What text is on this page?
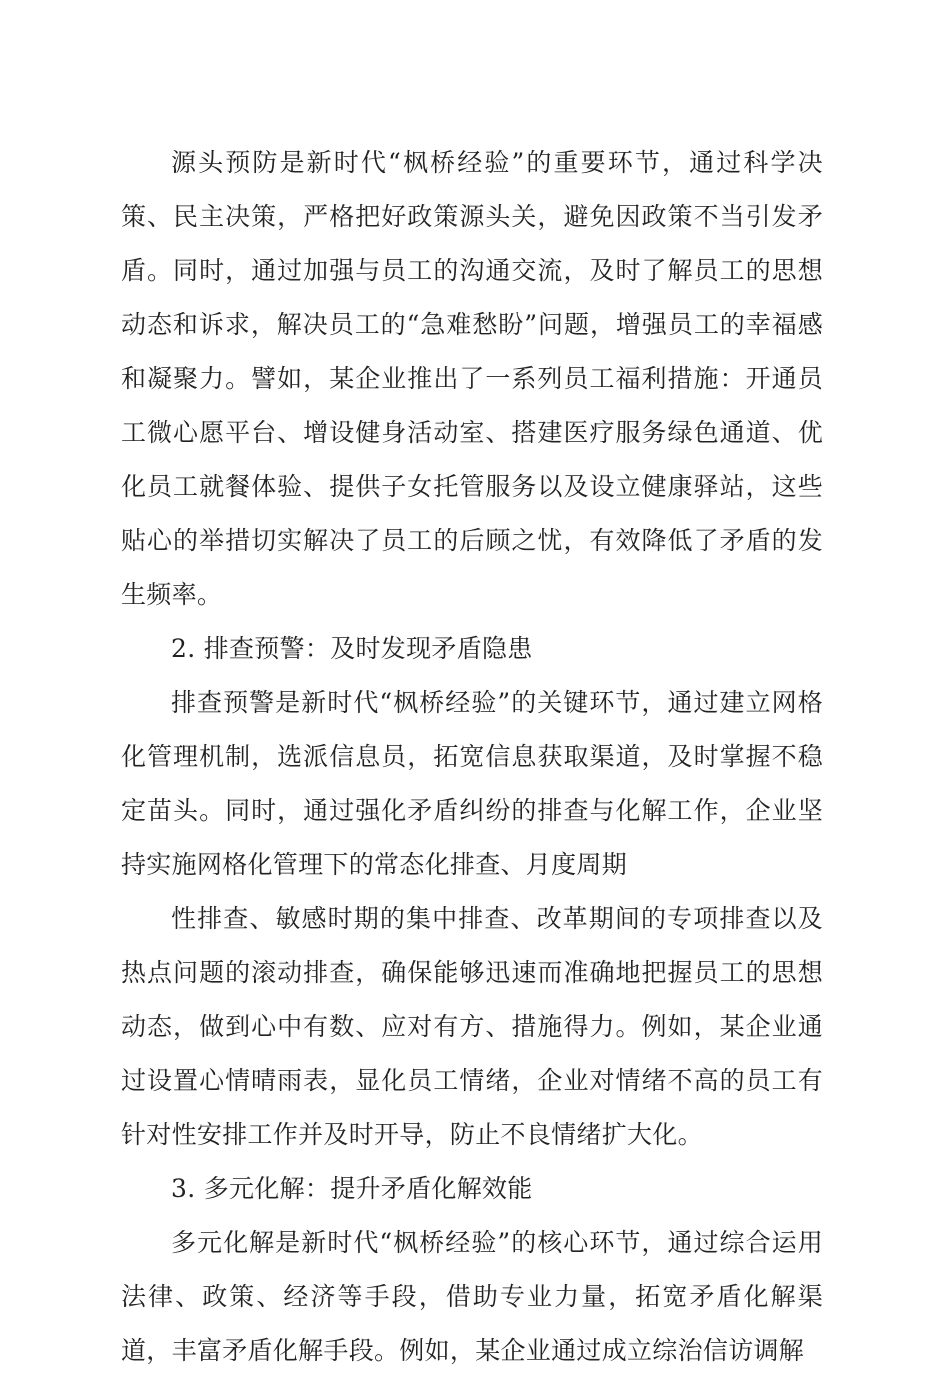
源头预防是新时代“枫桥经验”的重要环节，通过科学决策、民主决策，严格把好政策源头关，避免因政策不当引发矛盾。同时，通过加强与员工的沟通交流，及时了解员工的思想动态和诉求，解决员工的“急难愁盼”问题，增强员工的幸福感和凝聚力。譬如，某企业推出了一系列员工福利措施：开通员工微心愿平台、增设健身活动室、搭建医疗服务绿色通道、优化员工就餐体验、提供子女托管服务以及设立健康驿站，这些贴心的举措切实解决了员工的后顾之忧，有效降低了矛盾的发生频率。

2. 排查预警：及时发现矛盾隐患

排查预警是新时代“枫桥经验”的关键环节，通过建立网格化管理机制，选派信息员，拓宽信息获取渠道，及时掌握不稳定苗头。同时，通过强化矛盾纠纷的排查与化解工作，企业坚持实施网格化管理下的常态化排查、月度周期

性排查、敏感时期的集中排查、改革期间的专项排查以及热点问题的滚动排查，确保能够迅速而准确地把握员工的思想动态，做到心中有数、应对有方、措施得力。例如，某企业通过设置心情晴雨表，显化员工情绪，企业对情绪不高的员工有针对性安排工作并及时开导，防止不良情绪扩大化。

3. 多元化解：提升矛盾化解效能

多元化解是新时代“枫桥经验”的核心环节，通过综合运用法律、政策、经济等手段，借助专业力量，拓宽矛盾化解渠道，丰富矛盾化解手段。例如，某企业通过成立综治信访调解
